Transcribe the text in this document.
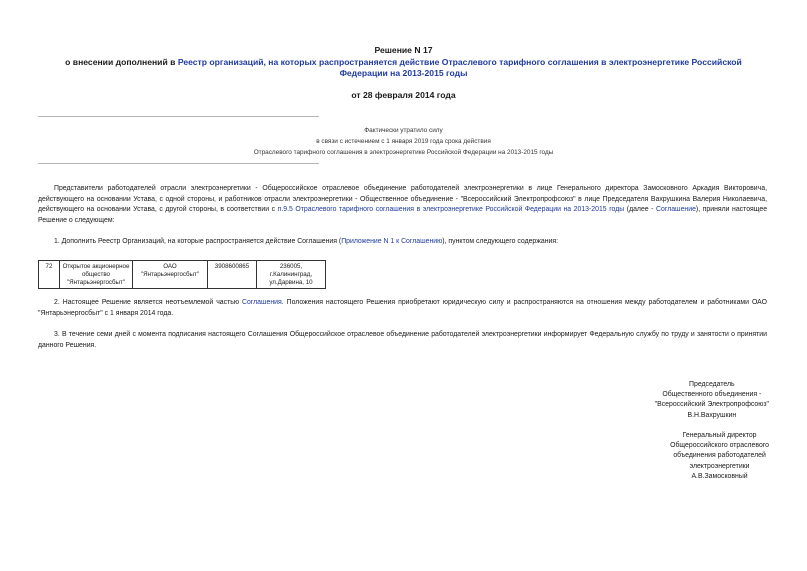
Решение N 17
о внесении дополнений в Реестр организаций, на которых распространяется действие Отраслевого тарифного соглашения в электроэнергетике Российской Федерации на 2013-2015 годы
от 28 февраля 2014 года
Фактически утратило силу
в связи с истечением с 1 января 2019 года срока действия
Отраслевого тарифного соглашения в электроэнергетике Российской Федерации на 2013-2015 годы
Представители работодателей отрасли электроэнергетики - Общероссийское отраслевое объединение работодателей электроэнергетики в лице Генерального директора Замосковного Аркадия Викторовича, действующего на основании Устава, с одной стороны, и работников отрасли электроэнергетики - Общественное объединение - "Всероссийский Электропрофсоюз" в лице Председателя Вахрушкина Валерия Николаевича, действующего на основании Устава, с другой стороны, в соответствии с п.9.5 Отраслевого тарифного соглашения в электроэнергетике Российской Федерации на 2013-2015 годы (далее - Соглашение), приняли настоящее Решение о следующем:
1. Дополнить Реестр Организаций, на которые распространяется действие Соглашения (Приложение N 1 к Соглашению), пунктом следующего содержания:
72	Открытое акционерное общество "Янтарьэнергосбыт"	ОАО "Янтарьэнергосбыт"	3908600865	236005, г.Калининград, ул.Дарвина, 10
2. Настоящее Решение является неотъемлемой частью Соглашения. Положения настоящего Решения приобретают юридическую силу и распространяются на отношения между работодателем и работниками ОАО "Янтарьэнергосбыт" с 1 января 2014 года.
3. В течение семи дней с момента подписания настоящего Соглашения Общероссийское отраслевое объединение работодателей электроэнергетики информирует Федеральную службу по труду и занятости о принятии данного Решения.
Председатель
Общественного объединения -
"Всероссийский Электропрофсоюз"
В.Н.Вахрушкин
Генеральный директор
Общероссийского отраслевого
объединения работодателей
электроэнергетики
А.В.Замосковный
